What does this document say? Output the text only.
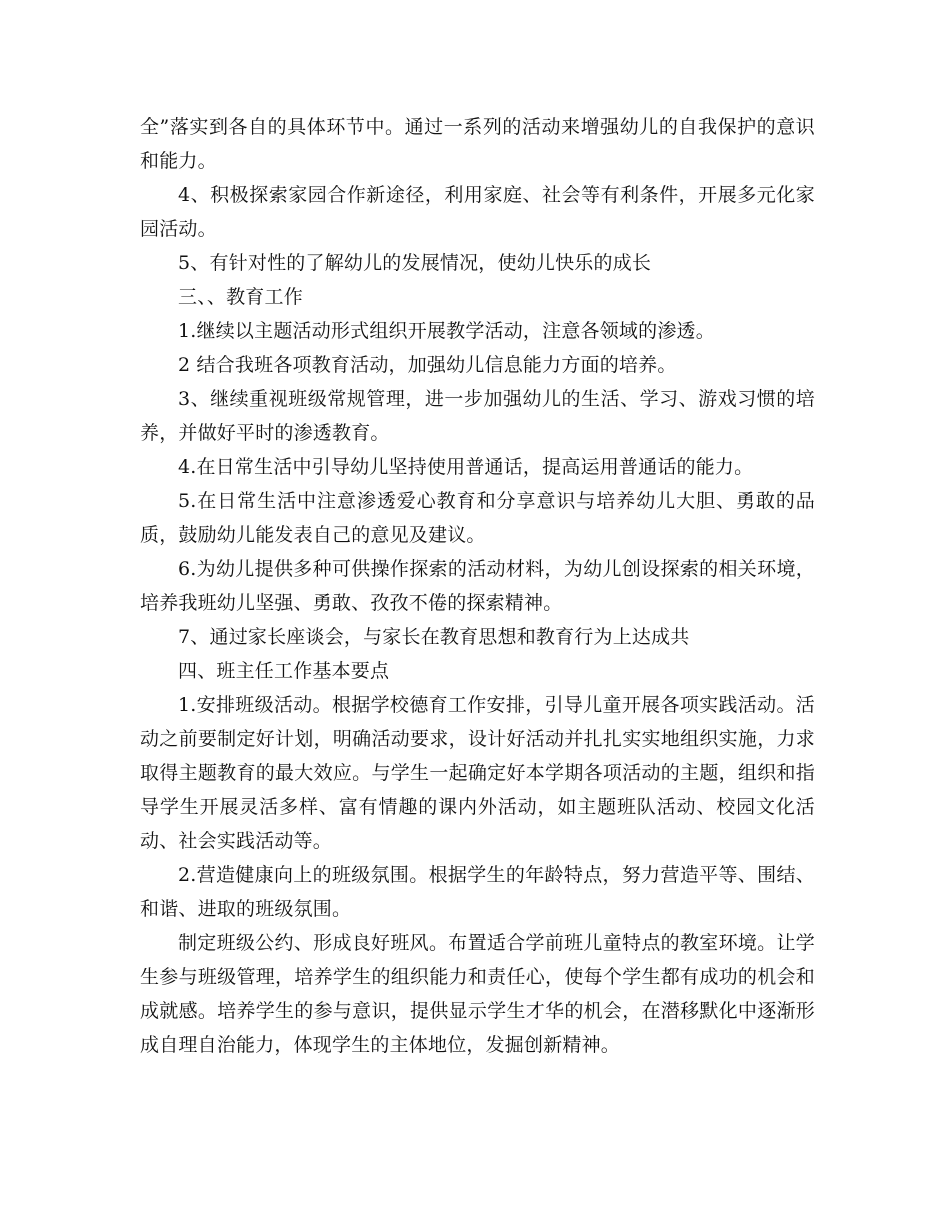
全”落实到各自的具体环节中。通过一系列的活动来增强幼儿的自我保护的意识和能力。

4、积极探索家园合作新途径，利用家庭、社会等有利条件，开展多元化家园活动。

5、有针对性的了解幼儿的发展情况，使幼儿快乐的成长

三、、教育工作

1.继续以主题活动形式组织开展教学活动，注意各领域的渗透。

2 结合我班各项教育活动，加强幼儿信息能力方面的培养。

3、继续重视班级常规管理，进一步加强幼儿的生活、学习、游戏习惯的培养，并做好平时的渗透教育。

4.在日常生活中引导幼儿坚持使用普通话，提高运用普通话的能力。

5.在日常生活中注意渗透爱心教育和分享意识与培养幼儿大胆、勇敢的品质，鼓励幼儿能发表自己的意见及建议。

6.为幼儿提供多种可供操作探索的活动材料，为幼儿创设探索的相关环境，培养我班幼儿坚强、勇敢、孜孜不倦的探索精神。

7、通过家长座谈会，与家长在教育思想和教育行为上达成共

四、班主任工作基本要点

1.安排班级活动。根据学校德育工作安排，引导儿童开展各项实践活动。活动之前要制定好计划，明确活动要求，设计好活动并扎扎实实地组织实施，力求取得主题教育的最大效应。与学生一起确定好本学期各项活动的主题，组织和指导学生开展灵活多样、富有情趣的课内外活动，如主题班队活动、校园文化活动、社会实践活动等。

2.营造健康向上的班级氛围。根据学生的年龄特点，努力营造平等、围结、和谐、进取的班级氛围。

制定班级公约、形成良好班风。布置适合学前班儿童特点的教室环境。让学生参与班级管理，培养学生的组织能力和责任心，使每个学生都有成功的机会和成就感。培养学生的参与意识，提供显示学生才华的机会，在潜移默化中逐渐形成自理自治能力，体现学生的主体地位，发掘创新精神。
